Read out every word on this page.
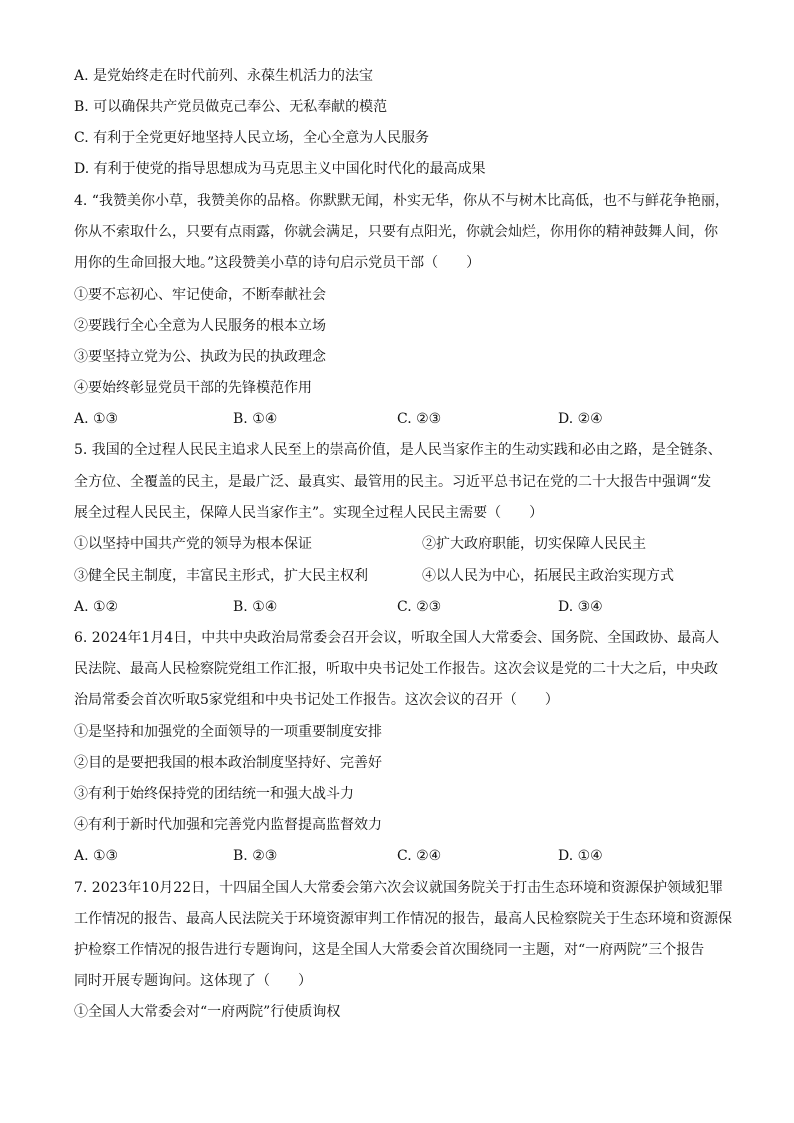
A. 是党始终走在时代前列、永葆生机活力的法宝
B. 可以确保共产党员做克己奉公、无私奉献的模范
C. 有利于全党更好地坚持人民立场，全心全意为人民服务
D. 有利于使党的指导思想成为马克思主义中国化时代化的最高成果
4. “我赞美你小草，我赞美你的品格。你默默无闻，朴实无华，你从不与树木比高低，也不与鲜花争艳丽，
你从不索取什么，只要有点雨露，你就会满足，只要有点阳光，你就会灿烂，你用你的精神鼓舞人间，你
用你的生命回报大地。”这段赞美小草的诗句启示党员干部（　　）
①要不忘初心、牢记使命，不断奉献社会
②要践行全心全意为人民服务的根本立场
③要坚持立党为公、执政为民的执政理念
④要始终彰显党员干部的先锋模范作用
A. ①③	B. ①④	C. ②③	D. ②④
5. 我国的全过程人民民主追求人民至上的崇高价值，是人民当家作主的生动实践和必由之路，是全链条、
全方位、全覆盖的民主，是最广泛、最真实、最管用的民主。习近平总书记在党的二十大报告中强调“发
展全过程人民民主，保障人民当家作主”。实现全过程人民民主需要（　　）
①以坚持中国共产党的领导为根本保证	②扩大政府职能，切实保障人民民主
③健全民主制度，丰富民主形式，扩大民主权利	④以人民为中心，拓展民主政治实现方式
A. ①②	B. ①④	C. ②③	D. ③④
6. 2024年1月4日，中共中央政治局常委会召开会议，听取全国人大常委会、国务院、全国政协、最高人
民法院、最高人民检察院党组工作汇报，听取中央书记处工作报告。这次会议是党的二十大之后，中央政
治局常委会首次听取5家党组和中央书记处工作报告。这次会议的召开（　　）
①是坚持和加强党的全面领导的一项重要制度安排
②目的是要把我国的根本政治制度坚持好、完善好
③有利于始终保持党的团结统一和强大战斗力
④有利于新时代加强和完善党内监督提高监督效力
A. ①③	B. ②③	C. ②④	D. ①④
7. 2023年10月22日，十四届全国人大常委会第六次会议就国务院关于打击生态环境和资源保护领域犯罪
工作情况的报告、最高人民法院关于环境资源审判工作情况的报告，最高人民检察院关于生态环境和资源保
护检察工作情况的报告进行专题询问，这是全国人大常委会首次围绕同一主题，对“一府两院”三个报告
同时开展专题询问。这体现了（　　）
①全国人大常委会对“一府两院”行使质询权
